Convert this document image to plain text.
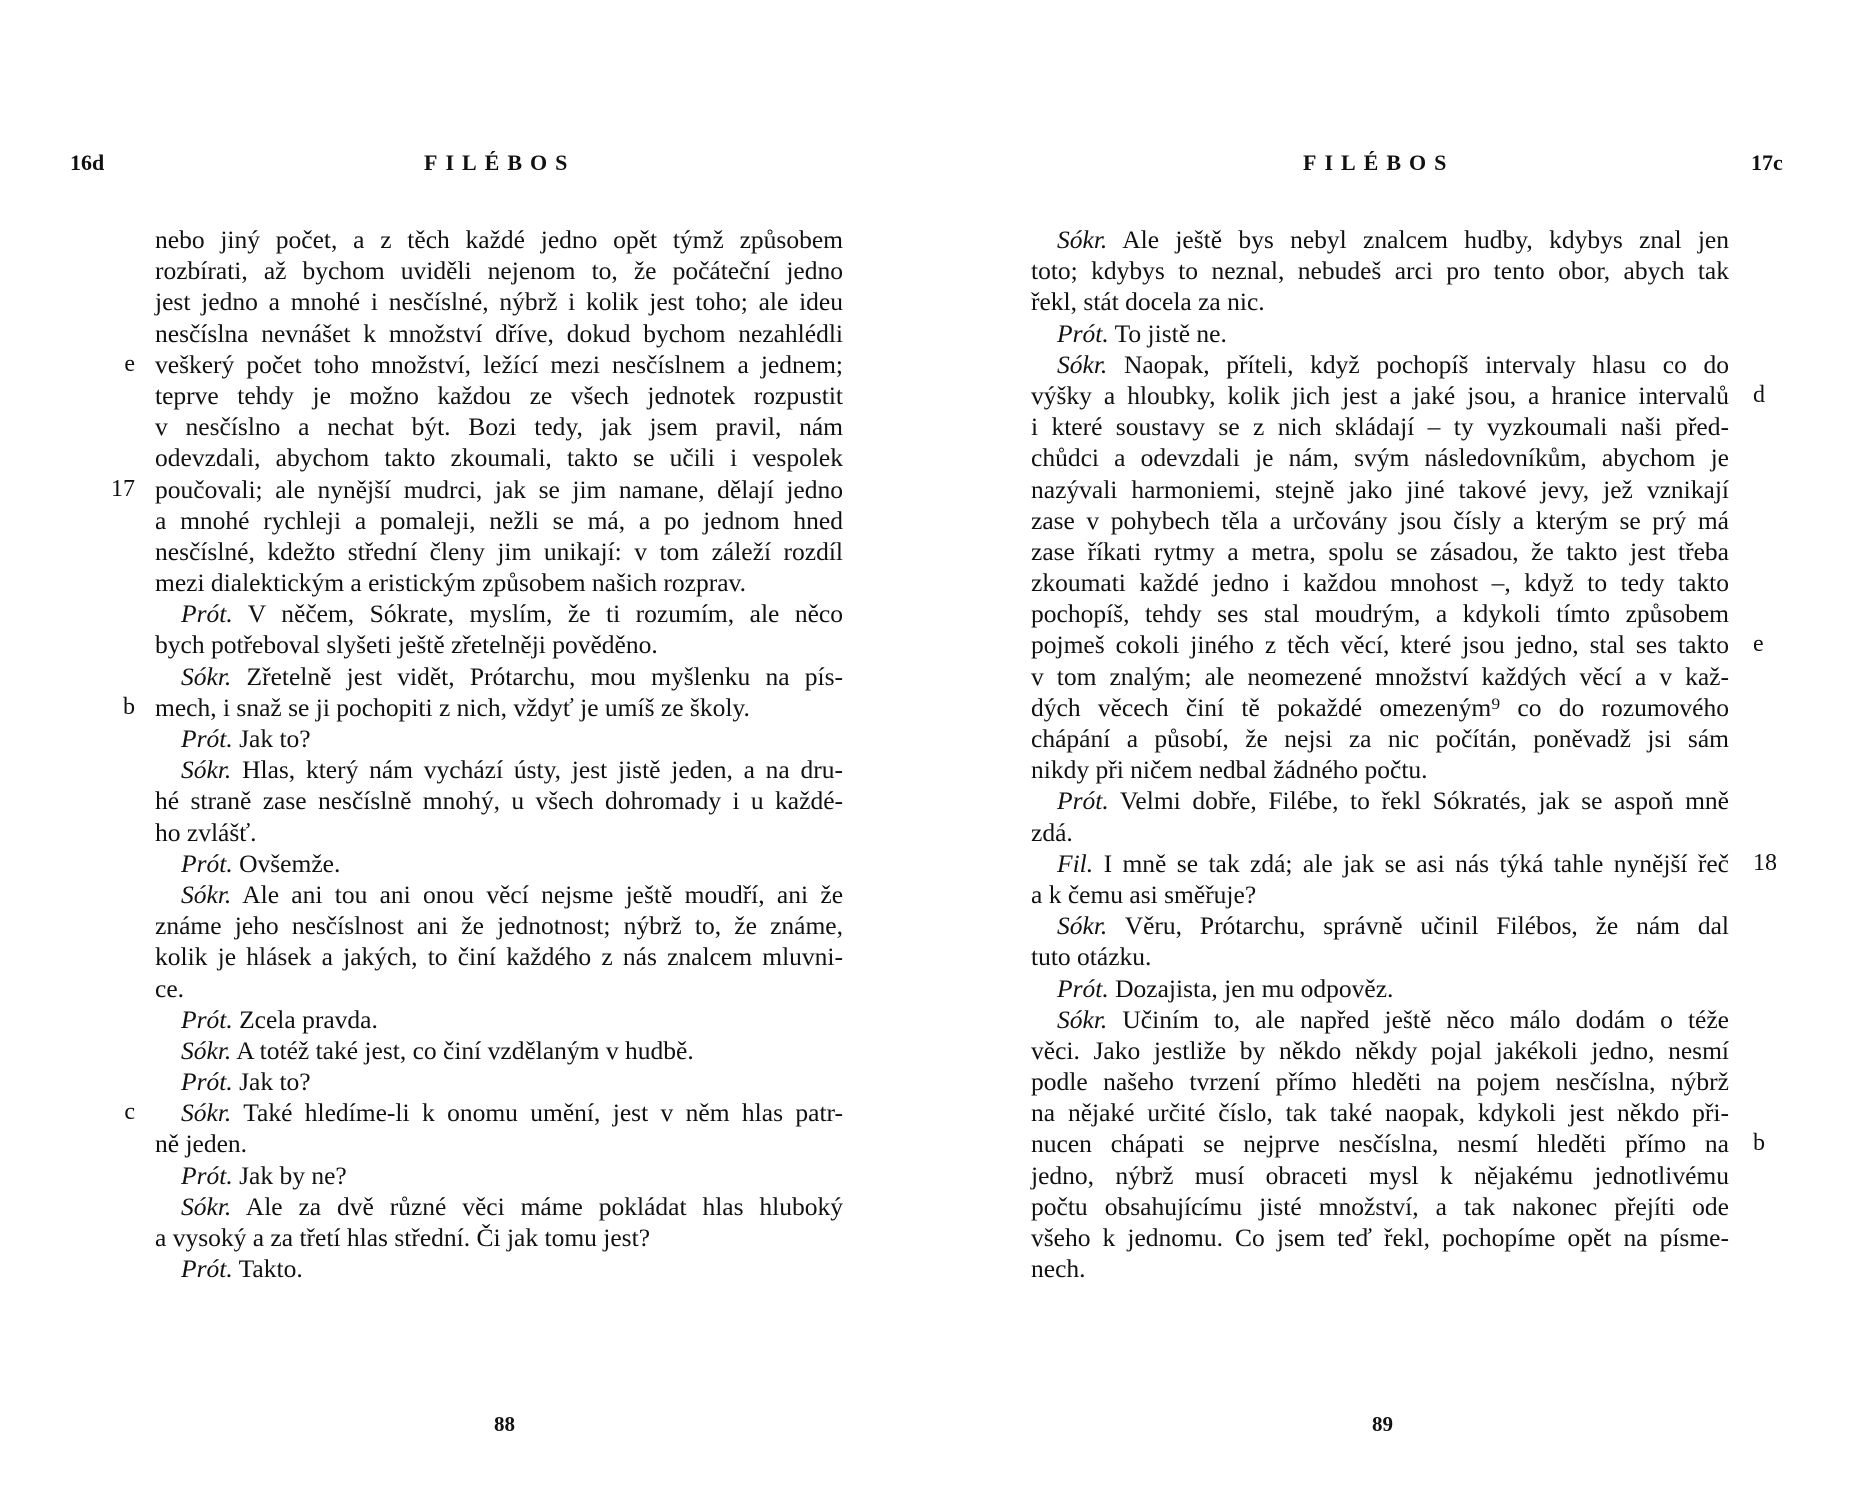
16d	FILÉBOS
nebo jiný počet, a z těch každé jedno opět týmž způsobem
rozbírati, až bychom uviděli nejenom to, že počáteční jedno
jest jedno a mnohé i nesčíslné, nýbrž i kolik jest toho; ale ideu
nesčíslna nevnášet k množství dříve, dokud bychom nezahlédli
veškerý počet toho množství, ležící mezi nesčíslnem a jednem;
e
teprve tehdy je možno každou ze všech jednotek rozpustit
v nesčíslno a nechat být. Bozi tedy, jak jsem pravil, nám
odevzdali, abychom takto zkoumali, takto se učili i vespolek
poučovali; ale nynější mudrci, jak se jim namane, dělají jedno
17
a mnohé rychleji a pomaleji, nežli se má, a po jednom hned
nesčíslné, kdežto střední členy jim unikají: v tom záleží rozdíl
mezi dialektickým a eristickým způsobem našich rozprav.
Prót. V něčem, Sókrate, myslím, že ti rozumím, ale něco
bych potřeboval slyšeti ještě zřetelněji pověděno.
Sókr. Zřetelně jest vidět, Prótarchu, mou myšlenku na pís-
mech, i snaž se ji pochopiti z nich, vždyť je umíš ze školy.
b
Prót. Jak to?
Sókr. Hlas, který nám vychází ústy, jest jistě jeden, a na dru-
hé straně zase nesčíslně mnohý, u všech dohromady i u každé-
ho zvlášť.
Prót. Ovšemže.
Sókr. Ale ani tou ani onou věcí nejsme ještě moudří, ani že
známe jeho nesčíslnost ani že jednotnost; nýbrž to, že známe,
kolik je hlásek a jakých, to činí každého z nás znalcem mluvni-
ce.
Prót. Zcela pravda.
Sókr. A totéž také jest, co činí vzdělaným v hudbě.
Prót. Jak to?
Sókr. Také hledíme-li k onomu umění, jest v něm hlas patr-
c
ně jeden.
Prót. Jak by ne?
Sókr. Ale za dvě různé věci máme pokládat hlas hluboký
a vysoký a za třetí hlas střední. Či jak tomu jest?
Prót. Takto.
88
FILÉBOS	17c
Sókr. Ale ještě bys nebyl znalcem hudby, kdybys znal jen
toto; kdybys to neznal, nebudeš arci pro tento obor, abych tak
řekl, stát docela za nic.
Prót. To jistě ne.
Sókr. Naopak, příteli, když pochopíš intervaly hlasu co do
výšky a hloubky, kolik jich jest a jaké jsou, a hranice intervalů d
i které soustavy se z nich skládají – ty vyzkoumali naši před-
chůdci a odevzdali je nám, svým následovníkům, abychom je
nazývali harmoniemi, stejně jako jiné takové jevy, jež vznikají
zase v pohybech těla a určovány jsou čísly a kterým se prý má
zase říkati rytmy a metra, spolu se zásadou, že takto jest třeba
zkoumati každé jedno i každou mnohost –, když to tedy takto
pochopíš, tehdy ses stal moudrým, a kdykoli tímto způsobem
pojmeš cokoli jiného z těch věcí, které jsou jedno, stal ses takto e
v tom znalým; ale neomezené množství každých věcí a v kaž-
dých věcech činí tě pokaždé omezeným⁹ co do rozumového
chápání a působí, že nejsi za nic počítán, poněvadž jsi sám
nikdy při ničem nedbal žádného počtu.
Prót. Velmi dobře, Filébe, to řekl Sókratés, jak se aspoň mně
zdá.
Fil. I mně se tak zdá; ale jak se asi nás týká tahle nynější řeč 18
a k čemu asi směřuje?
Sókr. Věru, Prótarchu, správně učinil Filébos, že nám dal
tuto otázku.
Prót. Dozajista, jen mu odpověz.
Sókr. Učiním to, ale napřed ještě něco málo dodám o téže
věci. Jako jestliže by někdo někdy pojal jakékoli jedno, nesmí
podle našeho tvrzení přímo hleděti na pojem nesčíslna, nýbrž
na nějaké určité číslo, tak také naopak, kdykoli jest někdo při-
nucen chápati se nejprve nesčíslna, nesmí hleděti přímo na b
jedno, nýbrž musí obraceti mysl k nějakému jednotlivému
počtu obsahujícímu jisté množství, a tak nakonec přejíti ode
všeho k jednomu. Co jsem teď řekl, pochopíme opět na písme-
nech.
89
